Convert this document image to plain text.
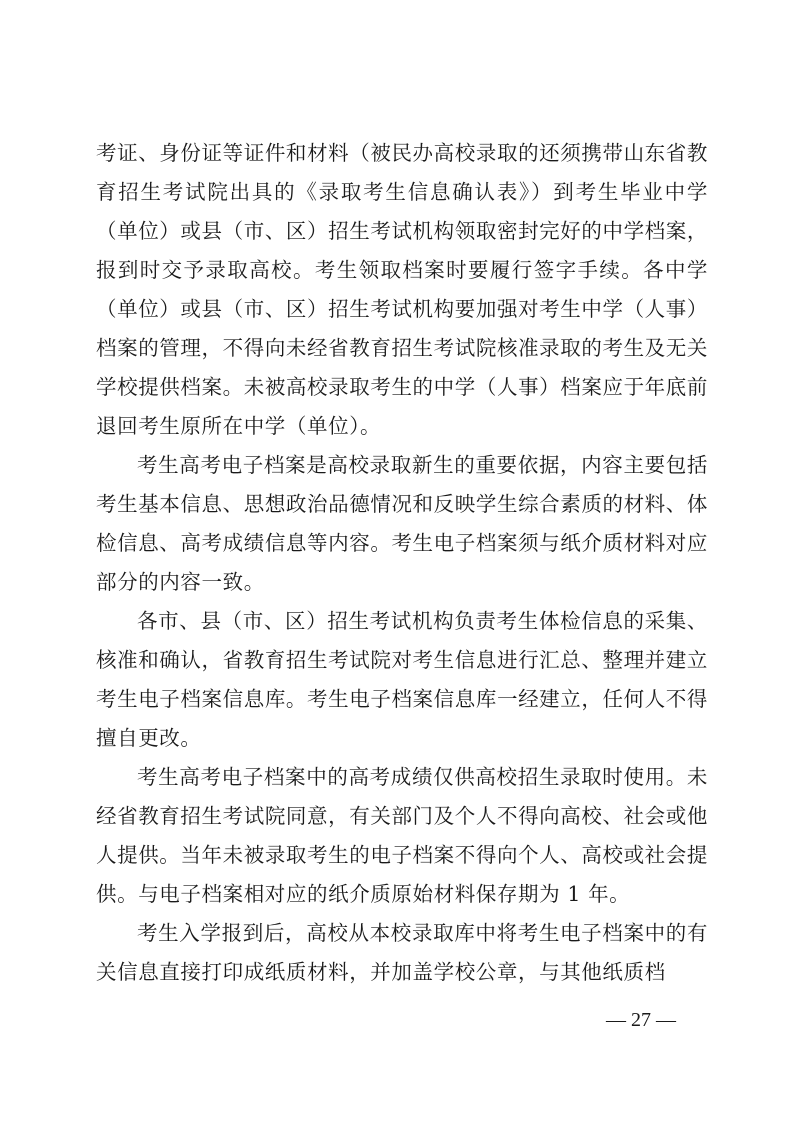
考证、身份证等证件和材料（被民办高校录取的还须携带山东省教育招生考试院出具的《录取考生信息确认表》）到考生毕业中学（单位）或县（市、区）招生考试机构领取密封完好的中学档案，报到时交予录取高校。考生领取档案时要履行签字手续。各中学（单位）或县（市、区）招生考试机构要加强对考生中学（人事）档案的管理，不得向未经省教育招生考试院核准录取的考生及无关学校提供档案。未被高校录取考生的中学（人事）档案应于年底前退回考生原所在中学（单位）。

考生高考电子档案是高校录取新生的重要依据，内容主要包括考生基本信息、思想政治品德情况和反映学生综合素质的材料、体检信息、高考成绩信息等内容。考生电子档案须与纸介质材料对应部分的内容一致。

各市、县（市、区）招生考试机构负责考生体检信息的采集、核准和确认，省教育招生考试院对考生信息进行汇总、整理并建立考生电子档案信息库。考生电子档案信息库一经建立，任何人不得擅自更改。

考生高考电子档案中的高考成绩仅供高校招生录取时使用。未经省教育招生考试院同意，有关部门及个人不得向高校、社会或他人提供。当年未被录取考生的电子档案不得向个人、高校或社会提供。与电子档案相对应的纸介质原始材料保存期为 1 年。

考生入学报到后，高校从本校录取库中将考生电子档案中的有关信息直接打印成纸质材料，并加盖学校公章，与其他纸质档

— 27 —
